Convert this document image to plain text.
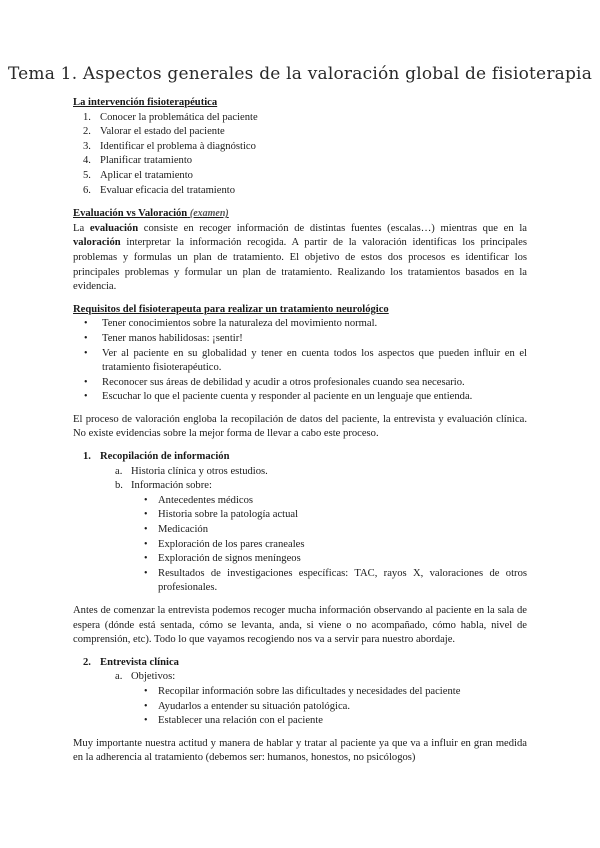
Tema 1. Aspectos generales de la valoración global de fisioterapia
La intervención fisioterapéutica
1. Conocer la problemática del paciente
2. Valorar el estado del paciente
3. Identificar el problema à diagnóstico
4. Planificar tratamiento
5. Aplicar el tratamiento
6. Evaluar eficacia del tratamiento
Evaluación vs Valoración (examen)

La evaluación consiste en recoger información de distintas fuentes (escalas…) mientras que en la valoración interpretar la información recogida. A partir de la valoración identificas los principales problemas y formulas un plan de tratamiento. El objetivo de estos dos procesos es identificar los principales problemas y formular un plan de tratamiento. Realizando los tratamientos basados en la evidencia.

Requisitos del fisioterapeuta para realizar un tratamiento neurológico
• Tener conocimientos sobre la naturaleza del movimiento normal.
• Tener manos habilidosas: ¡sentir!
• Ver al paciente en su globalidad y tener en cuenta todos los aspectos que pueden influir en el tratamiento fisioterapéutico.
• Reconocer sus áreas de debilidad y acudir a otros profesionales cuando sea necesario.
• Escuchar lo que el paciente cuenta y responder al paciente en un lenguaje que entienda.

El proceso de valoración engloba la recopilación de datos del paciente, la entrevista y evaluación clínica. No existe evidencias sobre la mejor forma de llevar a cabo este proceso.

1. Recopilación de información
a. Historia clínica y otros estudios.
b. Información sobre:
• Antecedentes médicos
• Historia sobre la patología actual
• Medicación
• Exploración de los pares craneales
• Exploración de signos meníngeos
• Resultados de investigaciones específicas: TAC, rayos X, valoraciones de otros profesionales.

Antes de comenzar la entrevista podemos recoger mucha información observando al paciente en la sala de espera (dónde está sentada, cómo se levanta, anda, si viene o no acompañado, cómo habla, nivel de comprensión, etc). Todo lo que vayamos recogiendo nos va a servir para nuestro abordaje.

2. Entrevista clínica
a. Objetivos:
• Recopilar información sobre las dificultades y necesidades del paciente
• Ayudarlos a entender su situación patológica.
• Establecer una relación con el paciente

Muy importante nuestra actitud y manera de hablar y tratar al paciente ya que va a influir en gran medida en la adherencia al tratamiento (debemos ser: humanos, honestos, no psicólogos)
